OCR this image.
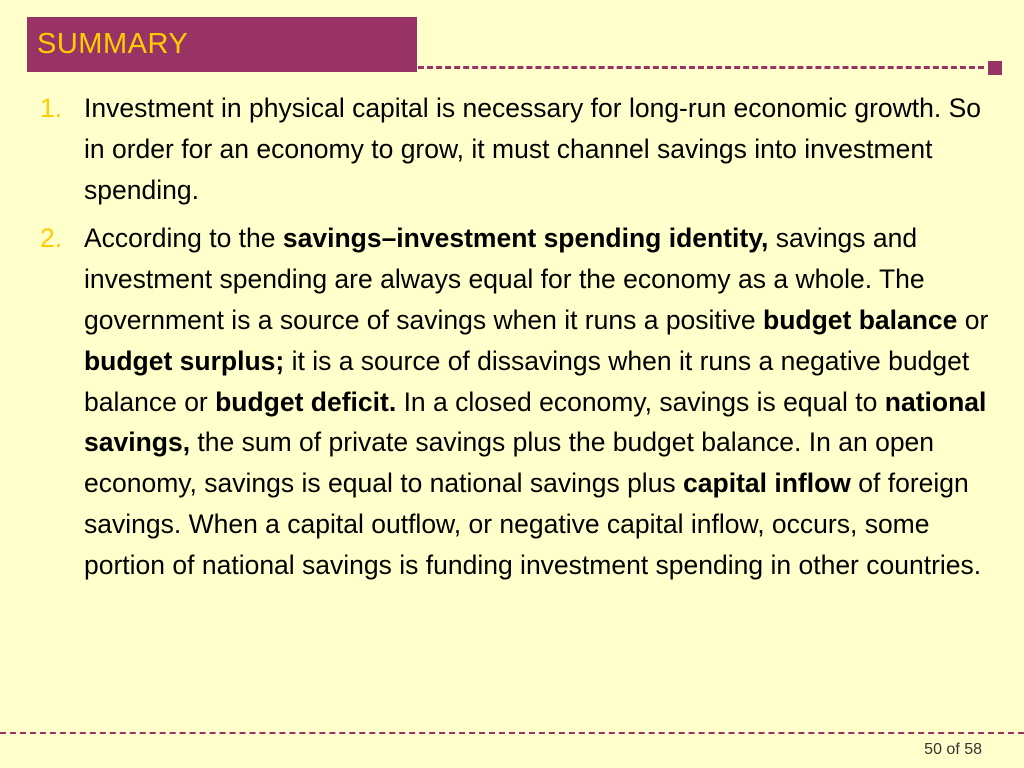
SUMMARY
1. Investment in physical capital is necessary for long-run economic growth. So in order for an economy to grow, it must channel savings into investment spending.
2. According to the savings–investment spending identity, savings and investment spending are always equal for the economy as a whole. The government is a source of savings when it runs a positive budget balance or budget surplus; it is a source of dissavings when it runs a negative budget balance or budget deficit. In a closed economy, savings is equal to national savings, the sum of private savings plus the budget balance. In an open economy, savings is equal to national savings plus capital inflow of foreign savings. When a capital outflow, or negative capital inflow, occurs, some portion of national savings is funding investment spending in other countries.
50 of 58
